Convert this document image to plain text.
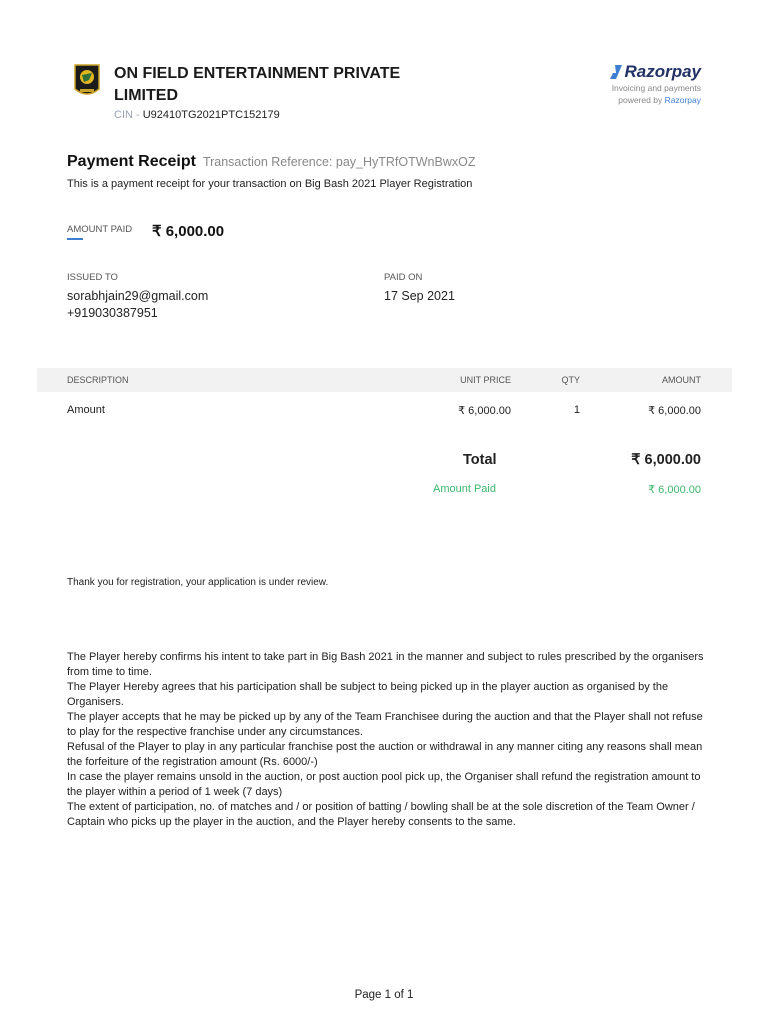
ON FIELD ENTERTAINMENT PRIVATE LIMITED
CIN - U92410TG2021PTC152179
Razorpay
Invoicing and payments
powered by Razorpay
Payment Receipt Transaction Reference: pay_HyTRfOTWnBwxOZ
This is a payment receipt for your transaction on Big Bash 2021 Player Registration
AMOUNT PAID ₹ 6,000.00
ISSUED TO
sorabhjain29@gmail.com
+919030387951
PAID ON
17 Sep 2021
DESCRIPTION	UNIT PRICE	QTY	AMOUNT
Amount	₹ 6,000.00	1	₹ 6,000.00
Total	₹ 6,000.00
Amount Paid	₹ 6,000.00
Thank you for registration, your application is under review.

The Player hereby confirms his intent to take part in Big Bash 2021 in the manner and subject to rules prescribed by the organisers from time to time.

The Player Hereby agrees that his participation shall be subject to being picked up in the player auction as organised by the Organisers.

The player accepts that he may be picked up by any of the Team Franchisee during the auction and that the Player shall not refuse to play for the respective franchise under any circumstances.

Refusal of the Player to play in any particular franchise post the auction or withdrawal in any manner citing any reasons shall mean the forfeiture of the registration amount (Rs. 6000/-)

In case the player remains unsold in the auction, or post auction pool pick up, the Organiser shall refund the registration amount to the player within a period of 1 week (7 days)

The extent of participation, no. of matches and / or position of batting / bowling shall be at the sole discretion of the Team Owner / Captain who picks up the player in the auction, and the Player hereby consents to the same.

Page 1 of 1
